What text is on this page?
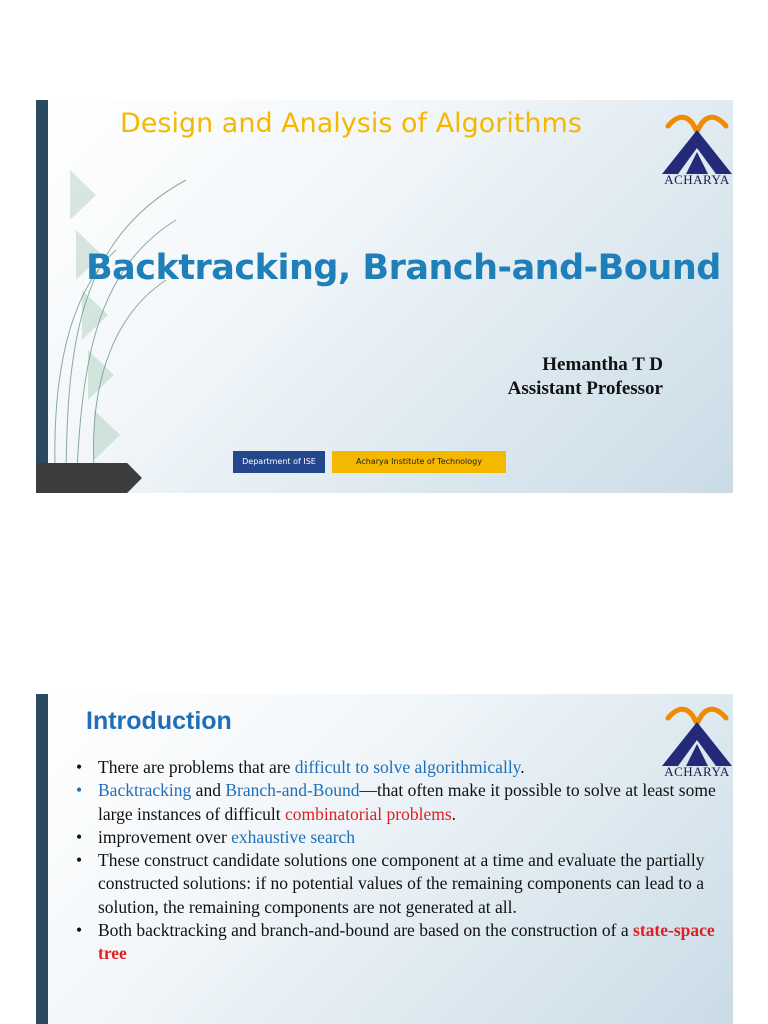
Design and Analysis of Algorithms
Backtracking, Branch-and-Bound
Hemantha T D
Assistant Professor
Department of ISE	Acharya Institute of Technology
ACHARYA
Introduction
ACHARYA
• There are problems that are difficult to solve algorithmically.
• Backtracking and Branch-and-Bound—that often make it possible to solve at least some large instances of difficult combinatorial problems.
• improvement over exhaustive search
• These construct candidate solutions one component at a time and evaluate the partially constructed solutions: if no potential values of the remaining components can lead to a solution, the remaining components are not generated at all.
• Both backtracking and branch-and-bound are based on the construction of a state-space tree
